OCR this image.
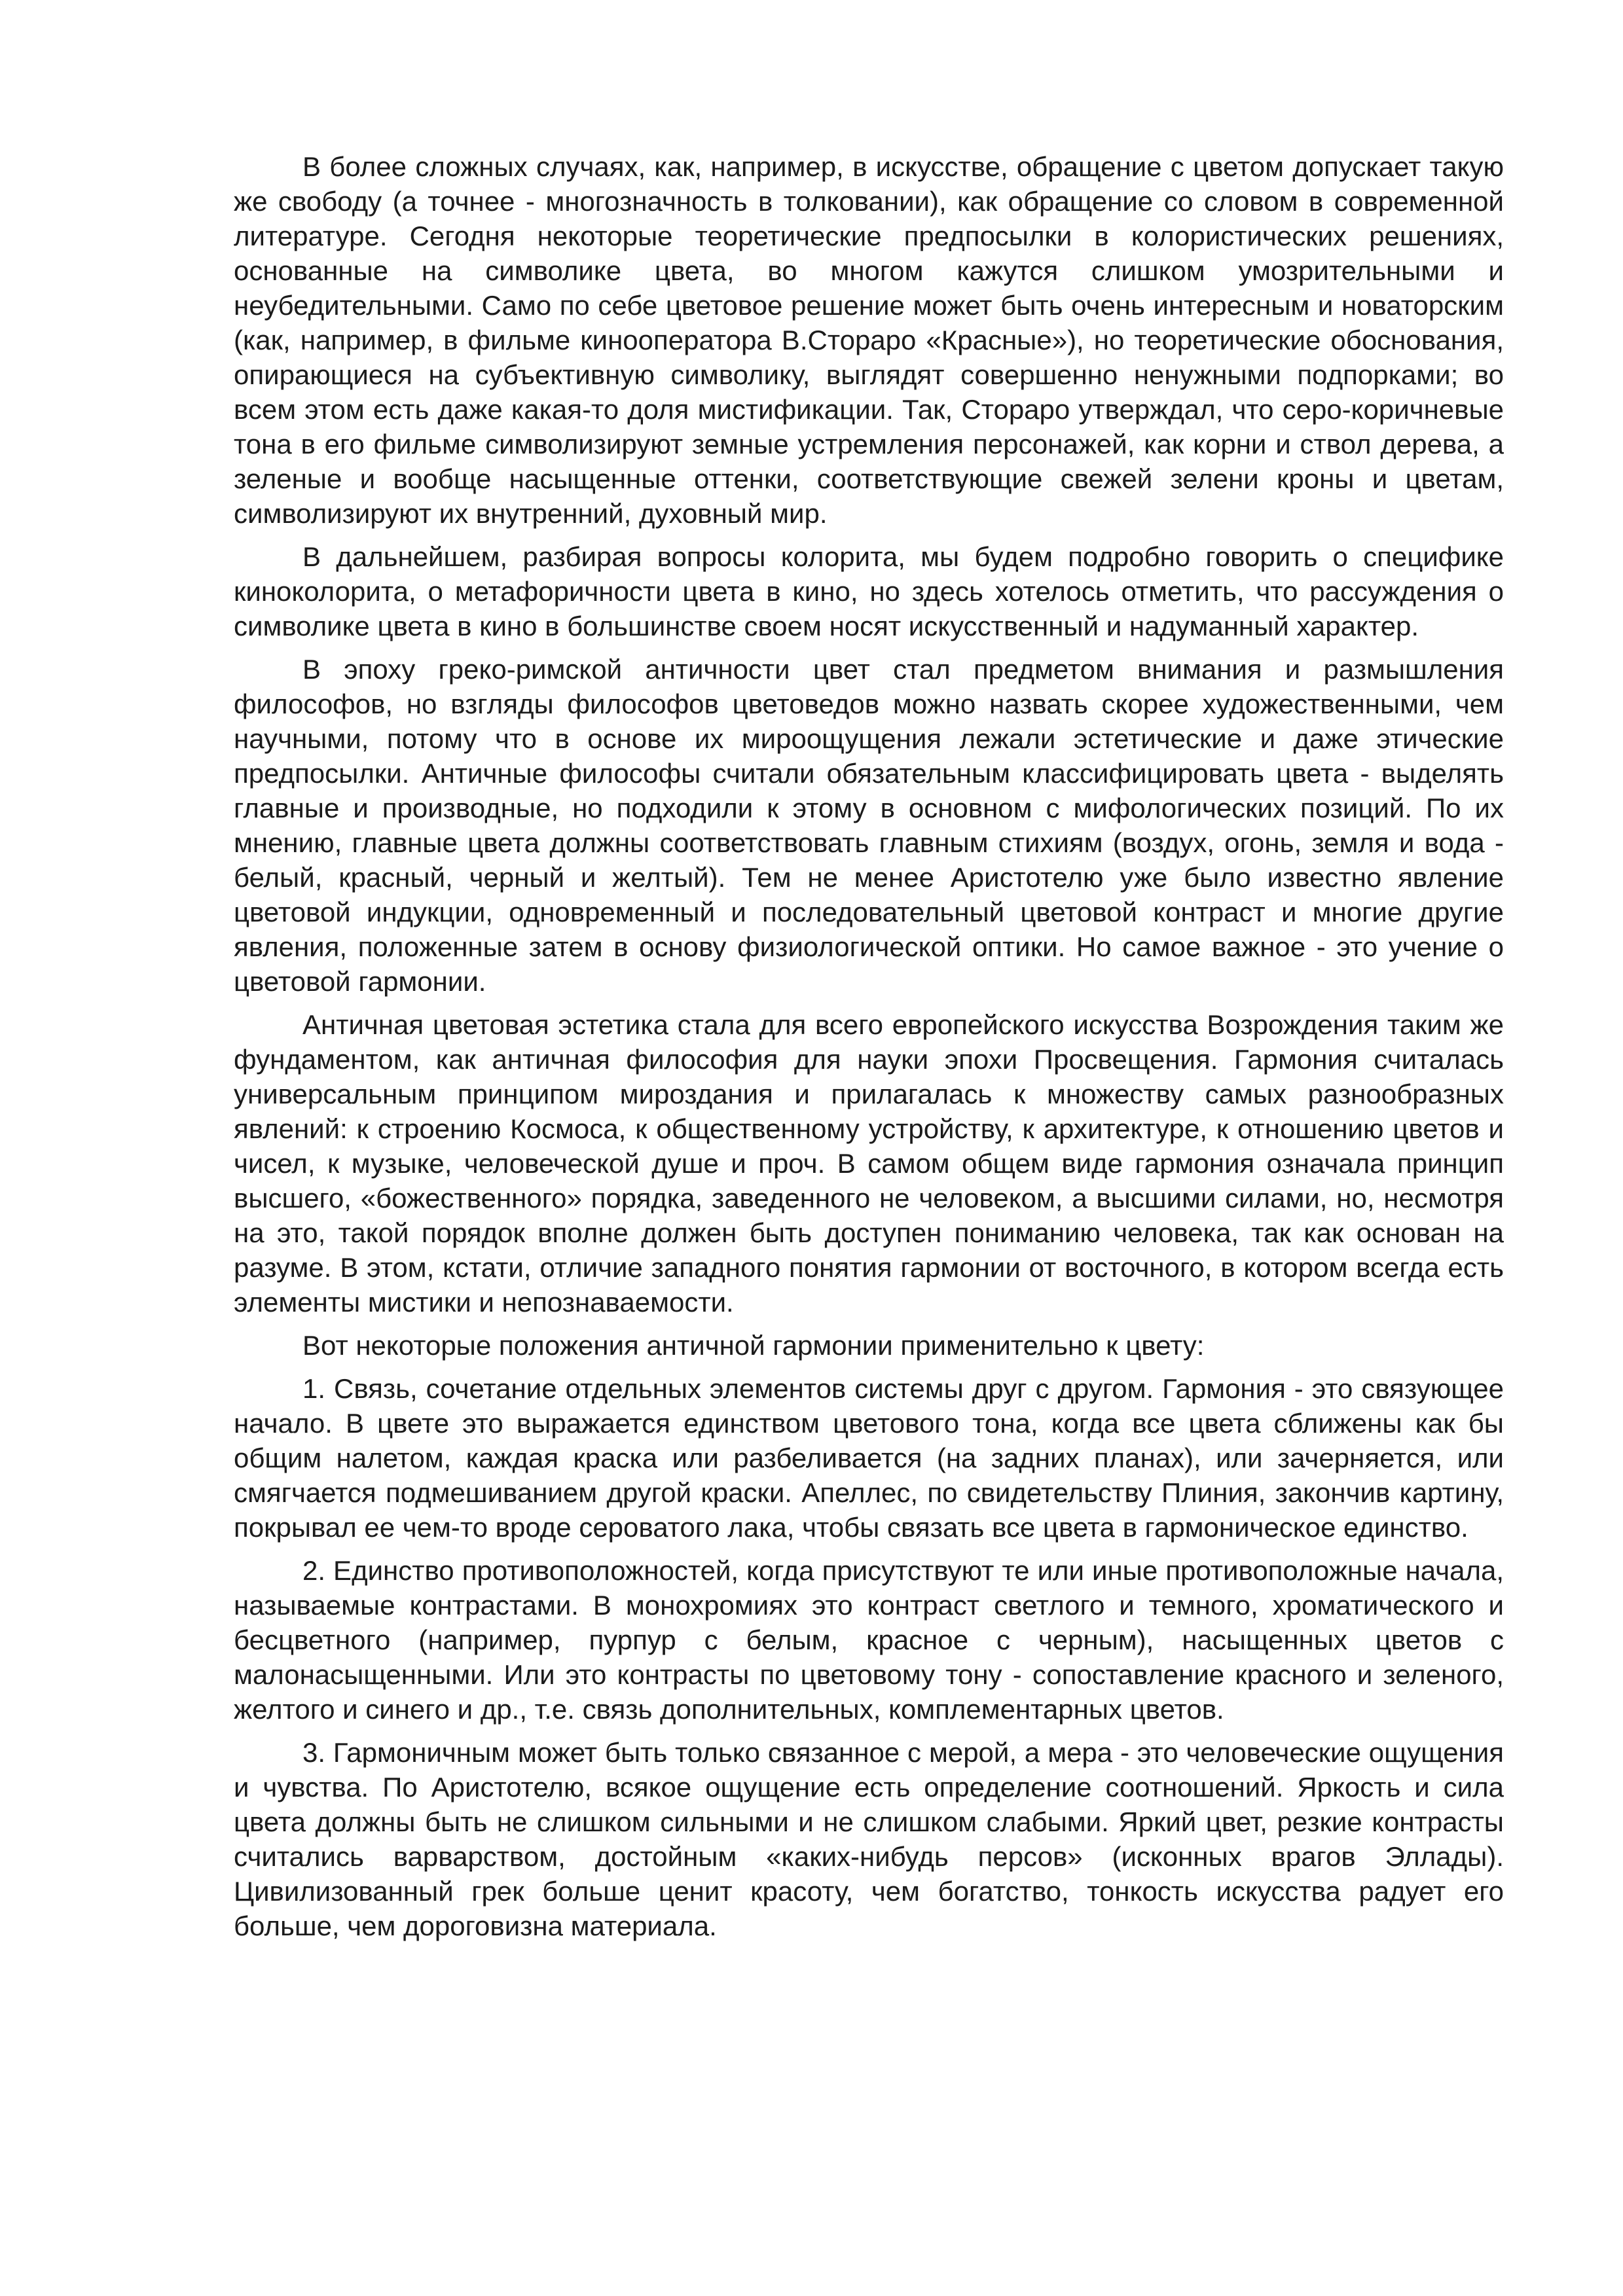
В более сложных случаях, как, например, в искусстве, обращение с цветом допускает такую же свободу (а точнее - многозначность в толковании), как обращение со словом в современной литературе. Сегодня некоторые теоретические предпосылки в колористических решениях, основанные на символике цвета, во многом кажутся слишком умозрительными и неубедительными. Само по себе цветовое решение может быть очень интересным и новаторским (как, например, в фильме кинооператора В.Стораро «Красные»), но теоретические обоснования, опирающиеся на субъективную символику, выглядят совершенно ненужными подпорками; во всем этом есть даже какая-то доля мистификации. Так, Стораро утверждал, что серо-коричневые тона в его фильме символизируют земные устремления персонажей, как корни и ствол дерева, а зеленые и вообще насыщенные оттенки, соответствующие свежей зелени кроны и цветам, символизируют их внутренний, духовный мир.

В дальнейшем, разбирая вопросы колорита, мы будем подробно говорить о специфике киноколорита, о метафоричности цвета в кино, но здесь хотелось отметить, что рассуждения о символике цвета в кино в большинстве своем носят искусственный и надуманный характер.

В эпоху греко-римской античности цвет стал предметом внимания и размышления философов, но взгляды философов цветоведов можно назвать скорее художественными, чем научными, потому что в основе их мироощущения лежали эстетические и даже этические предпосылки. Античные философы считали обязательным классифицировать цвета - выделять главные и производные, но подходили к этому в основном с мифологических позиций. По их мнению, главные цвета должны соответствовать главным стихиям (воздух, огонь, земля и вода - белый, красный, черный и желтый). Тем не менее Аристотелю уже было известно явление цветовой индукции, одновременный и последовательный цветовой контраст и многие другие явления, положенные затем в основу физиологической оптики. Но самое важное - это учение о цветовой гармонии.

Античная цветовая эстетика стала для всего европейского искусства Возрождения таким же фундаментом, как античная философия для науки эпохи Просвещения. Гармония считалась универсальным принципом мироздания и прилагалась к множеству самых разнообразных явлений: к строению Космоса, к общественному устройству, к архитектуре, к отношению цветов и чисел, к музыке, человеческой душе и проч. В самом общем виде гармония означала принцип высшего, «божественного» порядка, заведенного не человеком, а высшими силами, но, несмотря на это, такой порядок вполне должен быть доступен пониманию человека, так как основан на разуме. В этом, кстати, отличие западного понятия гармонии от восточного, в котором всегда есть элементы мистики и непознаваемости.

Вот некоторые положения античной гармонии применительно к цвету:

1. Связь, сочетание отдельных элементов системы друг с другом. Гармония - это связующее начало. В цвете это выражается единством цветового тона, когда все цвета сближены как бы общим налетом, каждая краска или разбеливается (на задних планах), или зачерняется, или смягчается подмешиванием другой краски. Апеллес, по свидетельству Плиния, закончив картину, покрывал ее чем-то вроде сероватого лака, чтобы связать все цвета в гармоническое единство.

2. Единство противоположностей, когда присутствуют те или иные противоположные начала, называемые контрастами. В монохромиях это контраст светлого и темного, хроматического и бесцветного (например, пурпур с белым, красное с черным), насыщенных цветов с малонасыщенными. Или это контрасты по цветовому тону - сопоставление красного и зеленого, желтого и синего и др., т.е. связь дополнительных, комплементарных цветов.

3. Гармоничным может быть только связанное с мерой, а мера - это человеческие ощущения и чувства. По Аристотелю, всякое ощущение есть определение соотношений. Яркость и сила цвета должны быть не слишком сильными и не слишком слабыми. Яркий цвет, резкие контрасты считались варварством, достойным «каких-нибудь персов» (исконных врагов Эллады). Цивилизованный грек больше ценит красоту, чем богатство, тонкость искусства радует его больше, чем дороговизна материала.
